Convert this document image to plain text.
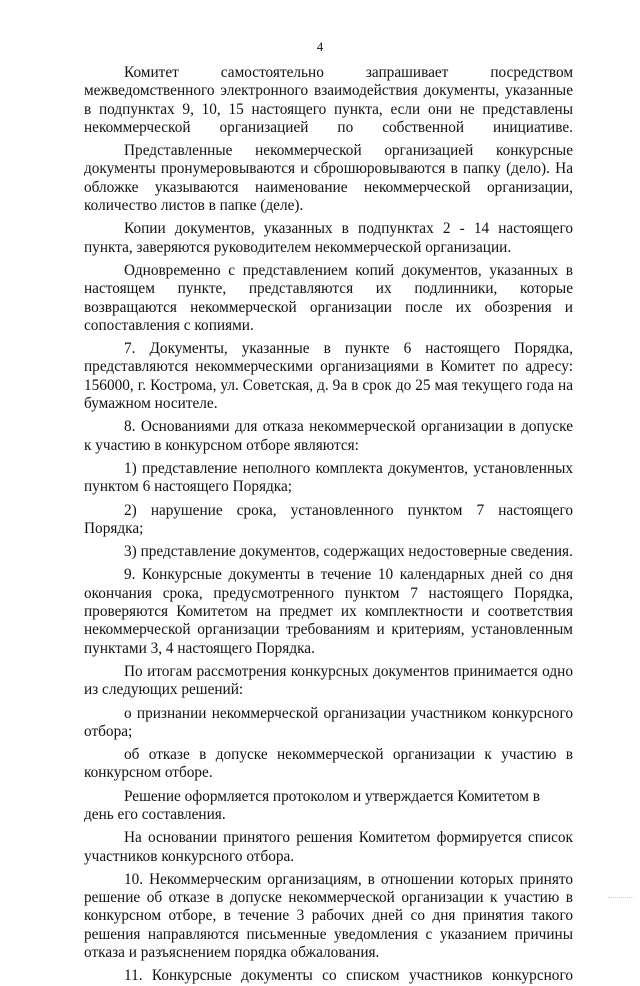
4

Комитет самостоятельно запрашивает посредством межведомственного электронного взаимодействия документы, указанные в подпунктах 9, 10, 15 настоящего пункта, если они не представлены некоммерческой организацией по собственной инициативе.

Представленные некоммерческой организацией конкурсные документы пронумеровываются и сброшюровываются в папку (дело). На обложке указываются наименование некоммерческой организации, количество листов в папке (деле).

Копии документов, указанных в подпунктах 2 - 14 настоящего пункта, заверяются руководителем некоммерческой организации.

Одновременно с представлением копий документов, указанных в настоящем пункте, представляются их подлинники, которые возвращаются некоммерческой организации после их обозрения и сопоставления с копиями.

7. Документы, указанные в пункте 6 настоящего Порядка, представляются некоммерческими организациями в Комитет по адресу: 156000, г. Кострома, ул. Советская, д. 9а в срок до 25 мая текущего года на бумажном носителе.

8. Основаниями для отказа некоммерческой организации в допуске к участию в конкурсном отборе являются:

1) представление неполного комплекта документов, установленных пунктом 6 настоящего Порядка;

2) нарушение срока, установленного пунктом 7 настоящего Порядка;

3) представление документов, содержащих недостоверные сведения.

9. Конкурсные документы в течение 10 календарных дней со дня окончания срока, предусмотренного пунктом 7 настоящего Порядка, проверяются Комитетом на предмет их комплектности и соответствия некоммерческой организации требованиям и критериям, установленным пунктами 3, 4 настоящего Порядка.

По итогам рассмотрения конкурсных документов принимается одно из следующих решений:

о признании некоммерческой организации участником конкурсного отбора;

об отказе в допуске некоммерческой организации к участию в конкурсном отборе.

Решение оформляется протоколом и утверждается Комитетом в день его составления.

На основании принятого решения Комитетом формируется список участников конкурсного отбора.

10. Некоммерческим организациям, в отношении которых принято решение об отказе в допуске некоммерческой организации к участию в конкурсном отборе, в течение 3 рабочих дней со дня принятия такого решения направляются письменные уведомления с указанием причины отказа и разъяснением порядка обжалования.

11. Конкурсные документы со списком участников конкурсного
